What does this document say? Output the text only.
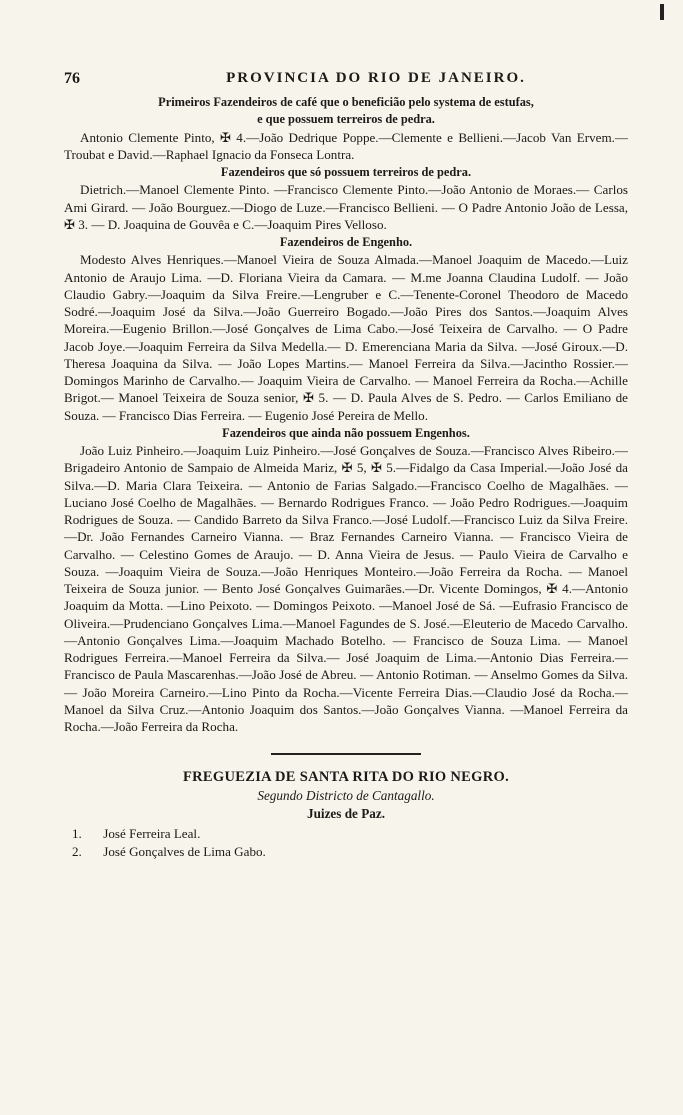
76	PROVINCIA DO RIO DE JANEIRO.
Primeiros Fazendeiros de café que o beneficião pelo systema de estufas,
e que possuem terreiros de pedra.

Antonio Clemente Pinto, ✠ 4.—João Dedrique Poppe.—Clemente e Bellieni.—Jacob Van Ervem.—Troubat e David.—Raphael Ignacio da Fonseca Lontra.

Fazendeiros que só possuem terreiros de pedra.

Dietrich.—Manoel Clemente Pinto. —Francisco Clemente Pinto.—João Antonio de Moraes.— Carlos Ami Girard. — João Bourguez.—Diogo de Luze.—Francisco Bellieni. — O Padre Antonio João de Lessa, ✠ 3. — D. Joaquina de Gouvêa e C.—Joaquim Pires Velloso.

Fazendeiros de Engenho.

Modesto Alves Henriques.—Manoel Vieira de Souza Almada.—Manoel Joaquim de Macedo.—Luiz Antonio de Araujo Lima. —D. Floriana Vieira da Camara. — M.me Joanna Claudina Ludolf. — João Claudio Gabry.—Joaquim da Silva Freire.—Lengruber e C.—Tenente-Coronel Theodoro de Macedo Sodré.—Joaquim José da Silva.—João Guerreiro Bogado.—João Pires dos Santos.—Joaquim Alves Moreira.—Eugenio Brillon.—José Gonçalves de Lima Cabo.—José Teixeira de Carvalho. — O Padre Jacob Joye.—Joaquim Ferreira da Silva Medella.— D. Emerenciana Maria da Silva. —José Giroux.—D. Theresa Joaquina da Silva. — João Lopes Martins.— Manoel Ferreira da Silva.—Jacintho Rossier.— Domingos Marinho de Carvalho.— Joaquim Vieira de Carvalho. — Manoel Ferreira da Rocha.—Achille Brigot.— Manoel Teixeira de Souza senior, ✠ 5. — D. Paula Alves de S. Pedro. — Carlos Emiliano de Souza. — Francisco Dias Ferreira. — Eugenio José Pereira de Mello.

Fazendeiros que ainda não possuem Engenhos.

João Luiz Pinheiro.—Joaquim Luiz Pinheiro.—José Gonçalves de Souza.—Francisco Alves Ribeiro.—Brigadeiro Antonio de Sampaio de Almeida Mariz, ✠ 5, ✠ 5.—Fidalgo da Casa Imperial.—João José da Silva.—D. Maria Clara Teixeira. — Antonio de Farias Salgado.—Francisco Coelho de Magalhães. — Luciano José Coelho de Magalhães. — Bernardo Rodrigues Franco. — João Pedro Rodrigues.—Joaquim Rodrigues de Souza. — Candido Barreto da Silva Franco.—José Ludolf.—Francisco Luiz da Silva Freire. —Dr. João Fernandes Carneiro Vianna. — Braz Fernandes Carneiro Vianna. — Francisco Vieira de Carvalho. — Celestino Gomes de Araujo. — D. Anna Vieira de Jesus. — Paulo Vieira de Carvalho e Souza. —Joaquim Vieira de Souza.—João Henriques Monteiro.—João Ferreira da Rocha. — Manoel Teixeira de Souza junior. — Bento José Gonçalves Guimarães.—Dr. Vicente Domingos, ✠ 4.—Antonio Joaquim da Motta. —Lino Peixoto. — Domingos Peixoto. —Manoel José de Sá. —Eufrasio Francisco de Oliveira.—Prudenciano Gonçalves Lima.—Manoel Fagundes de S. José.—Eleuterio de Macedo Carvalho.—Antonio Gonçalves Lima.—Joaquim Machado Botelho. — Francisco de Souza Lima. — Manoel Rodrigues Ferreira.—Manoel Ferreira da Silva.— José Joaquim de Lima.—Antonio Dias Ferreira.—Francisco de Paula Mascarenhas.—João José de Abreu. — Antonio Rotiman. — Anselmo Gomes da Silva.— João Moreira Carneiro.—Lino Pinto da Rocha.—Vicente Ferreira Dias.—Claudio José da Rocha.— Manoel da Silva Cruz.—Antonio Joaquim dos Santos.—João Gonçalves Vianna. —Manoel Ferreira da Rocha.—João Ferreira da Rocha.

FREGUEZIA DE SANTA RITA DO RIO NEGRO.
Segundo Districto de Cantagallo.
Juizes de Paz.
1. José Ferreira Leal.
2. José Gonçalves de Lima Gabo.
